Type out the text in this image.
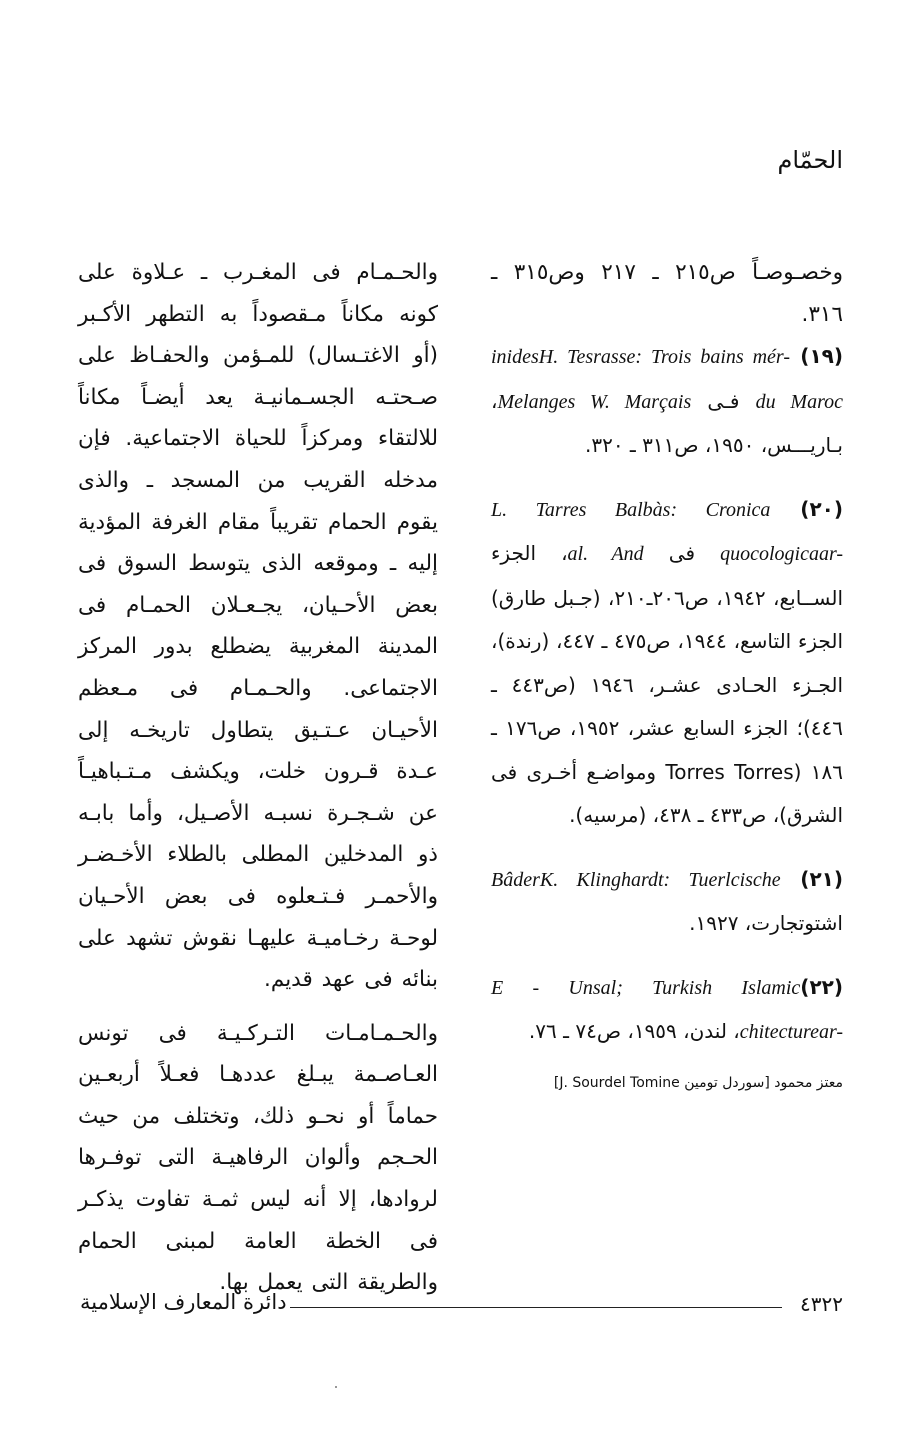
الحمّام

وخصـوصـاً ص٢١٥ ـ ٢١٧ وص٣١٥ ـ ٣١٦.

(١٩) H. Tesrasse: Trois bains mér-inides du Maroc فـى Melanges W. Marçais، بـاريـــس، ١٩٥٠، ص٣١١ ـ ٣٢٠.

(٢٠) L. Tarres Balbàs: Cronica ar-quocologica فى al. And، الجزء الســابع، ١٩٤٢، ص٢٠٦ـ٢١٠، (جـبل طارق) الجزء التاسع، ١٩٤٤، ص٤٧٥ ـ ٤٤٧، (رندة)، الجـزء الحـادى عشـر، ١٩٤٦ (ص٤٤٣ ـ ٤٤٦)؛ الجزء السابع عشر، ١٩٥٢، ص١٧٦ ـ ١٨٦ (Torres Torres ومواضـع أخـرى فى الشرق)، ص٤٣٣ ـ ٤٣٨، (مرسيه).

(٢١) K. Klinghardt: TuerlcischeBâder اشتوتجارت، ١٩٢٧.

(٢٢)E - Unsal; Turkish Islamic ar-chitecture، لندن، ١٩٥٩، ص٧٤ ـ ٧٦.

معتز محمود [سوردل تومين J. Sourdel Tomine]

والحـمـام فى المغـرب ـ عـلاوة على كونه مكاناً مـقصوداً به التطهر الأكـبر (أو الاغتـسال) للمـؤمن والحفـاظ على صـحتـه الجسـمانيـة يعد أيضـاً مكاناً للالتقاء ومركزاً للحياة الاجتماعية. فإن مدخله القريب من المسجد ـ والذى يقوم الحمام تقريباً مقام الغرفة المؤدية إليه ـ وموقعه الذى يتوسط السوق فى بعض الأحـيان، يجـعـلان الحمـام فى المدينة المغربية يضطلع بدور المركز الاجتماعى. والحـمـام فى مـعظم الأحيـان عـتـيق يتطاول تاريخـه إلى عـدة قـرون خلت، ويكشف مـتـباهيـاً عن شـجـرة نسبـه الأصـيل، وأما بابـه ذو المدخلين المطلى بالطلاء الأخـضـر والأحمـر فـتـعلوه فى بعض الأحـيان لوحـة رخـاميـة عليهـا نقوش تشهد على بنائه فى عهد قديم.

والحـمـامـات التـركـيـة فى تونس العـاصـمة يبـلغ عددهـا فعـلاً أربعـين حماماً أو نحـو ذلك، وتختلف من حيث الحـجم وألوان الرفاهيـة التى توفـرها لروادها، إلا أنه ليس ثمـة تفاوت يذكـر فى الخطة العامة لمبنى الحمام والطريقة التى يعمل بها.

٤٣٢٢
دائرة المعارف الإسلامية
